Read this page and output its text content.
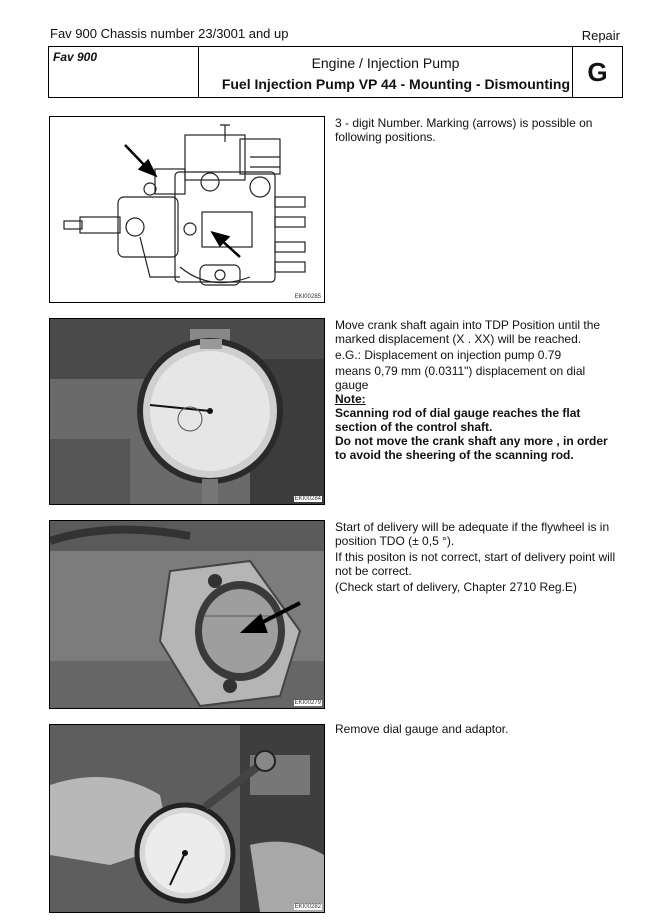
Fav 900 Chassis number 23/3001 and up	Repair
Fav 900	Engine / Injection Pump
Fuel Injection Pump VP 44 - Mounting - Dismounting G
EKI00285

3 - digit Number. Marking (arrows) is possible on following positions.

EKI00284

Move crank shaft again into TDP Position until the marked displacement (X . XX) will be reached.

e.G.: Displacement on injection pump 0.79

means 0,79 mm (0.0311") displacement on dial gauge

Note:
Scanning rod of dial gauge reaches the flat section of the control shaft.
Do not move the crank shaft any more , in order to avoid the sheering of the scanning rod.
EKI00279

Start of delivery will be adequate if the flywheel is in position TDO (± 0,5 °).

If this positon is not correct, start of delivery point will not be correct.

(Check start of delivery, Chapter 2710 Reg.E)

EKI00282

Remove dial gauge and adaptor.
